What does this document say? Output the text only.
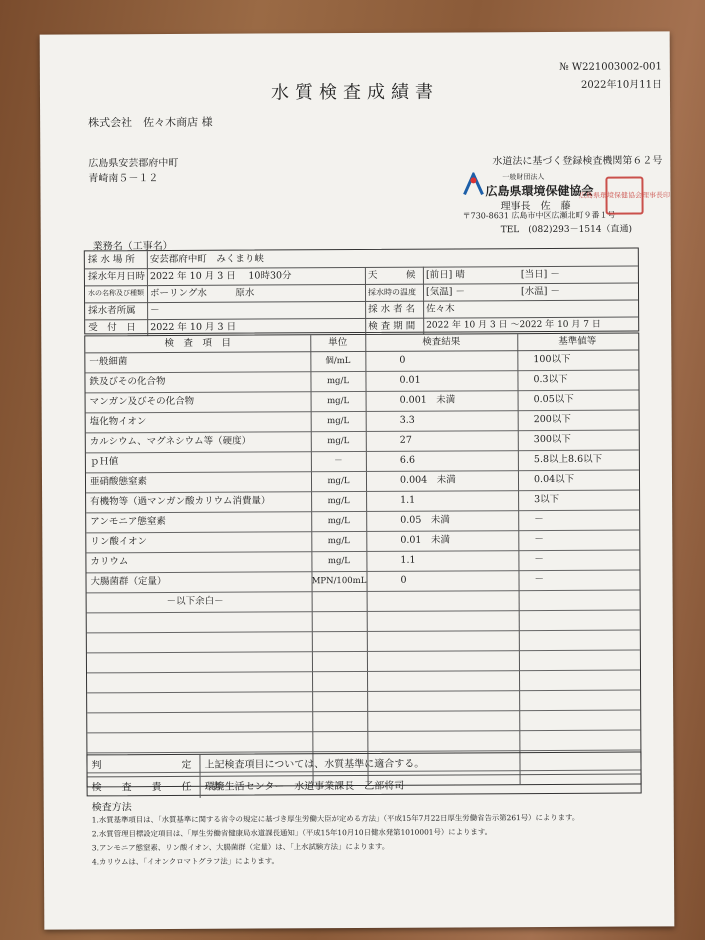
№ W221003002-001
2022年10月11日
水質検査成績書
株式会社　佐々木商店 様
広島県安芸郡府中町
青崎南５－１２
水道法に基づく登録検査機関第６２号
一般財団法人
広島県環境保健協会
理事長　佐　藤
〒730-8631 広島市中区広瀬北町９番１号
TEL　(082)293－1514（直通)
広島県環境保健協会理事長印
業務名（工事名）
採 水 場 所	安芸郡府中町　みくまり峡
採水年月日時 2022 年 10 月 3 日　 10時30分	天　　　候	[前日] 晴	[当日] －
水の名称及び種類 ボーリング水　　　原水	採水時の温度	[気温] －	[水温] －
採水者所属	－	採 水 者 名	佐々木
受　付　日	2022 年 10 月 3 日	検 査 期 間	2022 年 10 月 3 日 ～2022 年 10 月 7 日
検　査　項　目	単位	検査結果	基準値等
一般細菌	個/mL	0	100以下
鉄及びその化合物	mg/L	0.01	0.3以下
マンガン及びその化合物	mg/L	0.001　未満	0.05以下
塩化物イオン	mg/L	3.3	200以下
カルシウム、マグネシウム等（硬度）	mg/L	27	300以下
ｐＨ値	－	6.6	5.8以上8.6以下
亜硝酸態窒素	mg/L	0.004　未満	0.04以下
有機物等（過マンガン酸カリウム消費量）	mg/L	1.1	3以下
アンモニア態窒素	mg/L	0.05　未満	－
リン酸イオン	mg/L	0.01　未満	－
カリウム	mg/L	1.1	－
大腸菌群（定量）	MPN/100mL	0	－
－以下余白－
判　　　　　　　　定	上記検査項目については、水質基準に適合する。
検　　査　　責　　任　　者
環境生活センター　水道事業課長　乙部将司
検査方法
1.水質基準項目は、「水質基準に関する省令の規定に基づき厚生労働大臣が定める方法」（平成15年7月22日厚生労働省告示第261号）によります。
2.水質管理目標設定項目は、「厚生労働省健康局水道課長通知」（平成15年10月10日健水発第1010001号）によります。
3.アンモニア態窒素、リン酸イオン、大腸菌群（定量）は、「上水試験方法」によります。
4.カリウムは、「イオンクロマトグラフ法」によります。
